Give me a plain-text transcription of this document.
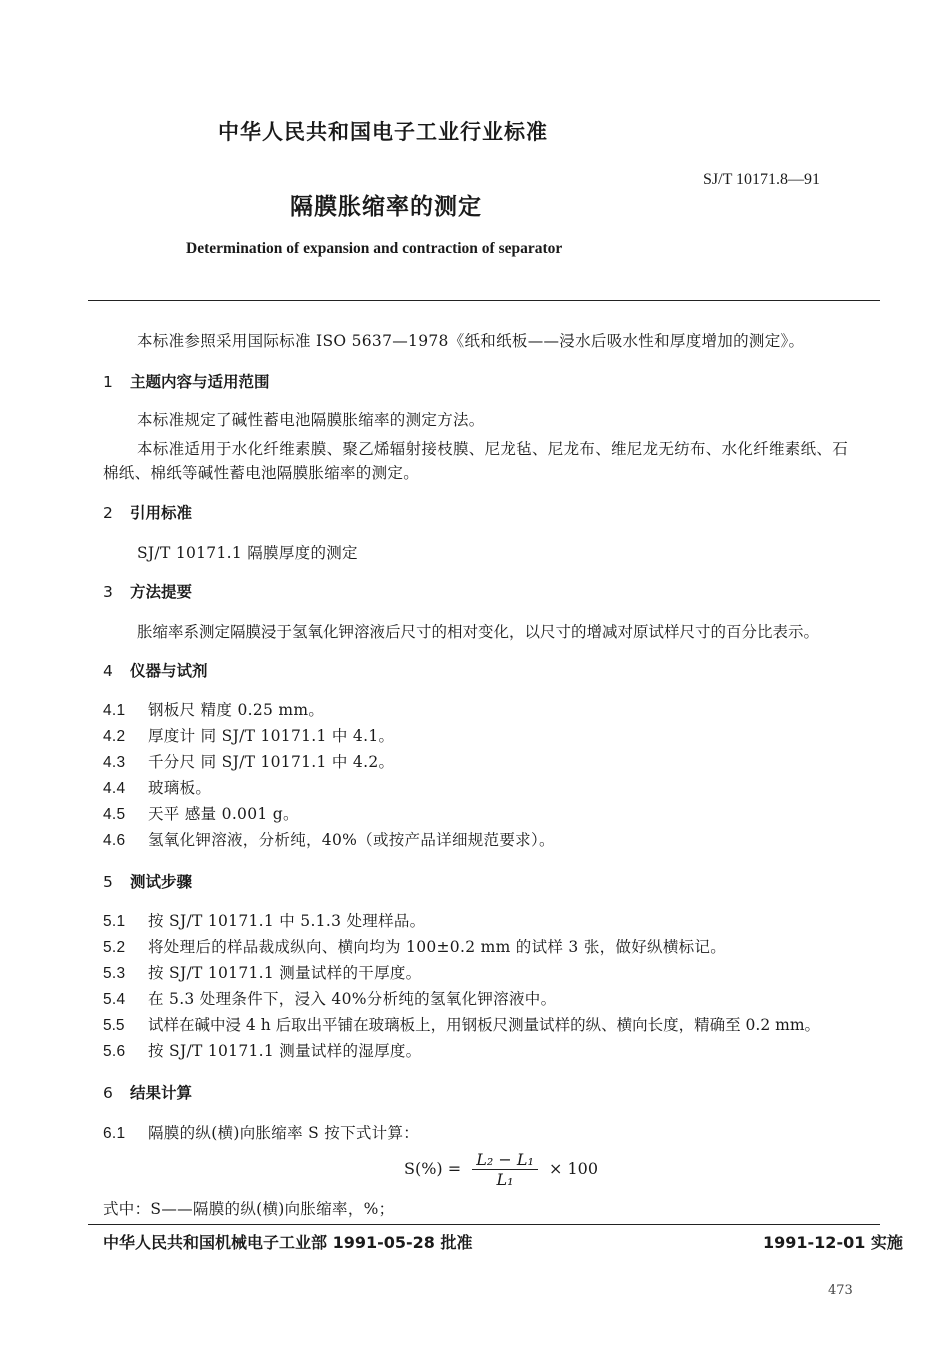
中华人民共和国电子工业行业标准
SJ/T 10171.8—91
隔膜胀缩率的测定
Determination of expansion and contraction of separator
本标准参照采用国际标准 ISO 5637—1978《纸和纸板——浸水后吸水性和厚度增加的测定》。
1 主题内容与适用范围
本标准规定了碱性蓄电池隔膜胀缩率的测定方法。
本标准适用于水化纤维素膜、聚乙烯辐射接枝膜、尼龙毡、尼龙布、维尼龙无纺布、水化纤维素纸、石
棉纸、棉纸等碱性蓄电池隔膜胀缩率的测定。
2 引用标准
SJ/T 10171.1 隔膜厚度的测定
3 方法提要
胀缩率系测定隔膜浸于氢氧化钾溶液后尺寸的相对变化，以尺寸的增减对原试样尺寸的百分比表示。
4 仪器与试剂
4.1 钢板尺 精度 0.25 mm。
4.2 厚度计 同 SJ/T 10171.1 中 4.1。
4.3 千分尺 同 SJ/T 10171.1 中 4.2。
4.4 玻璃板。
4.5 天平 感量 0.001 g。
4.6 氢氧化钾溶液，分析纯，40%（或按产品详细规范要求）。
5 测试步骤
5.1 按 SJ/T 10171.1 中 5.1.3 处理样品。
5.2 将处理后的样品裁成纵向、横向均为 100±0.2 mm 的试样 3 张，做好纵横标记。
5.3 按 SJ/T 10171.1 测量试样的干厚度。
5.4 在 5.3 处理条件下，浸入 40%分析纯的氢氧化钾溶液中。
5.5 试样在碱中浸 4 h 后取出平铺在玻璃板上，用钢板尺测量试样的纵、横向长度，精确至 0.2 mm。
5.6 按 SJ/T 10171.1 测量试样的湿厚度。
6 结果计算
6.1 隔膜的纵(横)向胀缩率 S 按下式计算：
$S(\%) = \frac{\text{L₂ − L₁}}{\text{L₁}} \times 100$
式中：S——隔膜的纵(横)向胀缩率，%；
中华人民共和国机械电子工业部 1991-05-28 批准	1991-12-01 实施
473
